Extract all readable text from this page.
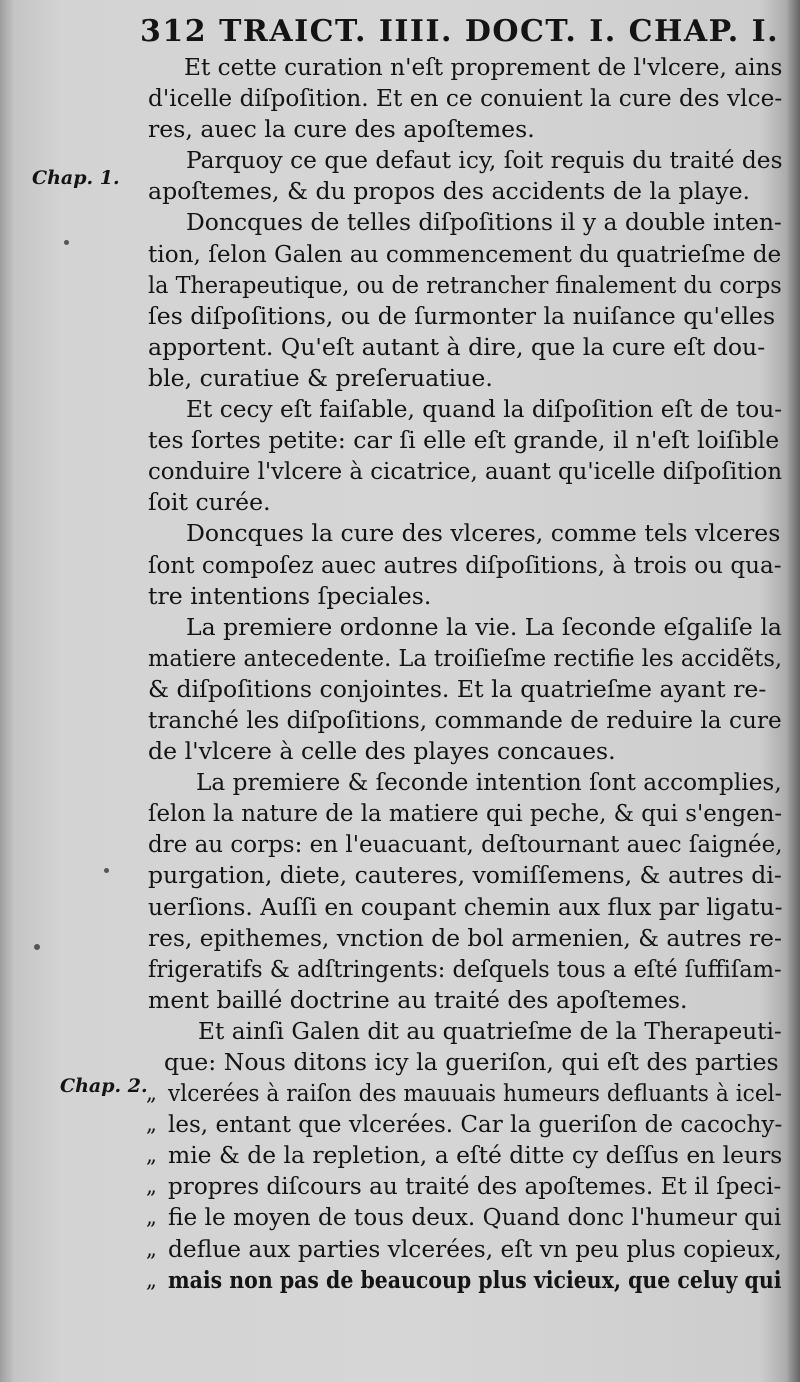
312 TRAICT. IIII. DOCT. I. CHAP. I.
Chap. 1.
Chap. 2.
Et cette curation n'eſt proprement de l'vlcere, ains
d'icelle diſpoſition. Et en ce conuient la cure des vlce-
res, auec la cure des apoſtemes.
Parquoy ce que defaut icy, ſoit requis du traité des
apoſtemes, & du propos des accidents de la playe.
Doncques de telles diſpoſitions il y a double inten-
tion, ſelon Galen au commencement du quatrieſme de
la Therapeutique, ou de retrancher finalement du corps
ſes diſpoſitions, ou de ſurmonter la nuiſance qu'elles
apportent. Qu'eſt autant à dire, que la cure eſt dou-
ble, curatiue & preſeruatiue.
Et cecy eſt faiſable, quand la diſpoſition eſt de tou-
tes ſortes petite: car ſi elle eſt grande, il n'eſt loiſible
conduire l'vlcere à cicatrice, auant qu'icelle diſpoſition
ſoit curée.
Doncques la cure des vlceres, comme tels vlceres
ſont compoſez auec autres diſpoſitions, à trois ou qua-
tre intentions ſpeciales.
La premiere ordonne la vie. La ſeconde eſgaliſe la
matiere antecedente. La troiſieſme rectifie les accidẽts,
& diſpoſitions conjointes. Et la quatrieſme ayant re-
tranché les diſpoſitions, commande de reduire la cure
de l'vlcere à celle des playes concaues.
La premiere & ſeconde intention ſont accomplies,
ſelon la nature de la matiere qui peche, & qui s'engen-
dre au corps: en l'euacuant, deſtournant auec ſaignée,
purgation, diete, cauteres, vomiſſemens, & autres di-
uerſions. Auſſi en coupant chemin aux flux par ligatu-
res, epithemes, vnction de bol armenien, & autres re-
frigeratifs & adſtringents: deſquels tous a eſté ſuffiſam-
ment baillé doctrine au traité des apoſtemes.
Et ainſi Galen dit au quatrieſme de la Therapeuti-
que: Nous ditons icy la gueriſon, qui eſt des parties
„ vlcerées à raiſon des mauuais humeurs defluants à icel-
„ les, entant que vlcerées. Car la gueriſon de cacochy-
„ mie & de la repletion, a eſté ditte cy deſſus en leurs
„ propres diſcours au traité des apoſtemes. Et il ſpeci-
„ fie le moyen de tous deux. Quand donc l'humeur qui
„ deflue aux parties vlcerées, eſt vn peu plus copieux,
„ mais non pas de beaucoup plus vicieux, que celuy qui
